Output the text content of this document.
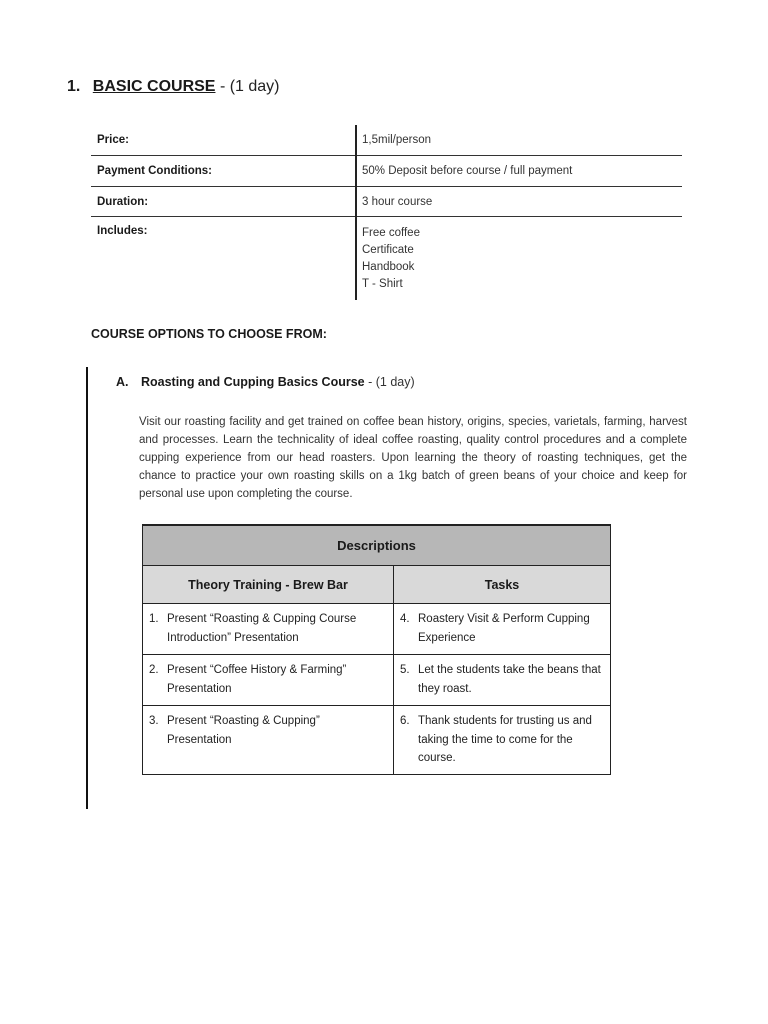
1. BASIC COURSE - (1 day)
Price:	1,5mil/person
Payment Conditions:	50% Deposit before course / full payment
Duration:	3 hour course
Includes:	Free coffee
Certificate
Handbook
T - Shirt
COURSE OPTIONS TO CHOOSE FROM:
A. Roasting and Cupping Basics Course - (1 day)
Visit our roasting facility and get trained on coffee bean history, origins, species, varietals, farming, harvest and processes. Learn the technicality of ideal coffee roasting, quality control procedures and a complete cupping experience from our head roasters. Upon learning the theory of roasting techniques, get the chance to practice your own roasting skills on a 1kg batch of green beans of your choice and keep for personal use upon completing the course.
Descriptions	
Theory Training - Brew Bar	Tasks

1. Present “Roasting & Cupping Course Introduction” Presentation	4. Roastery Visit & Perform Cupping Experience

2. Present “Coffee History & Farming” Presentation	5. Let the students take the beans that they roast.

3. Present “Roasting & Cupping” Presentation	6. Thank students for trusting us and taking the time to come for the course.
